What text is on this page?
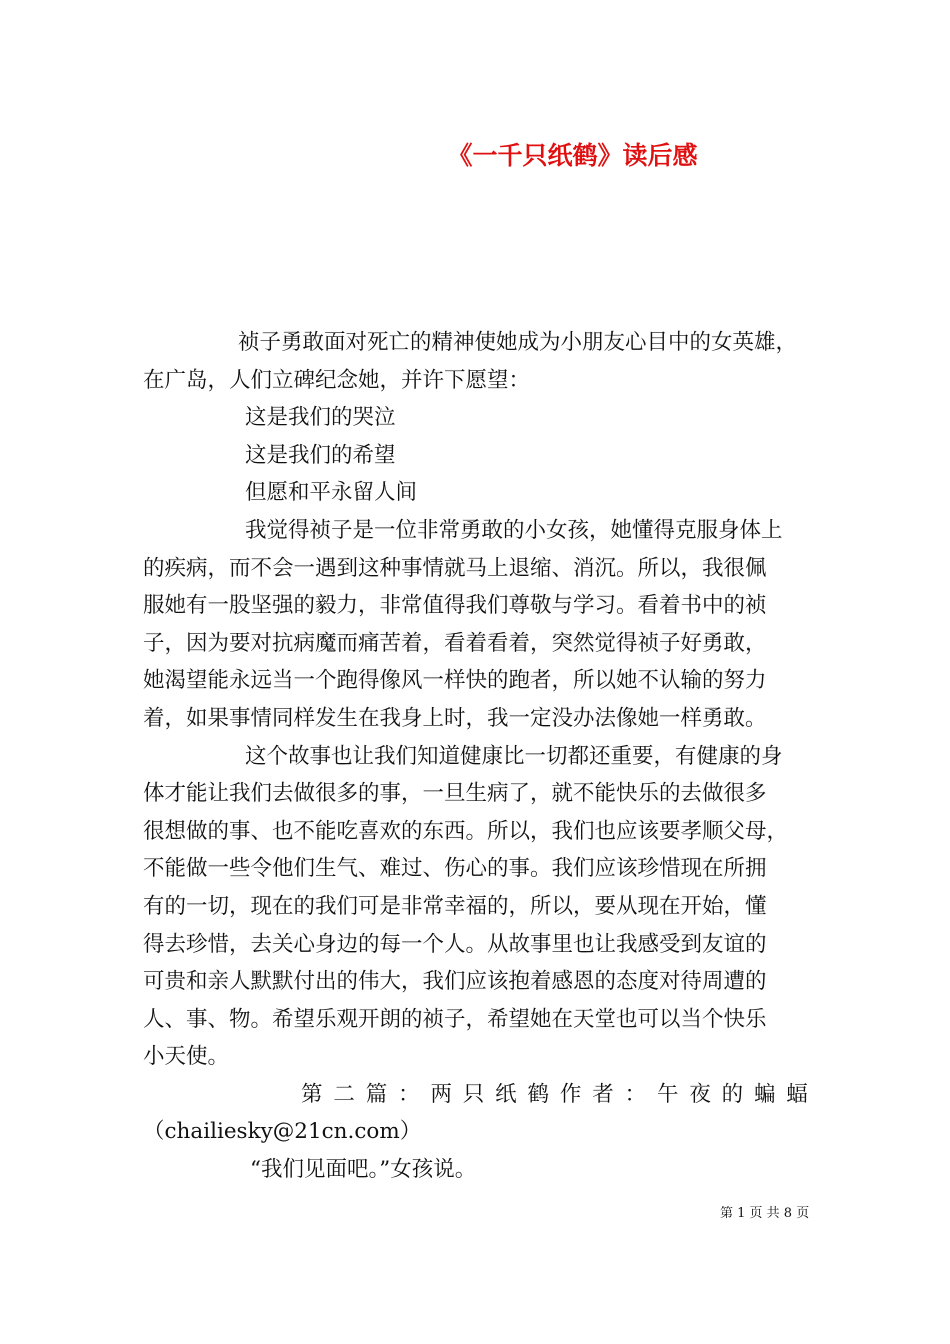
《一千只纸鹤》读后感
祯子勇敢面对死亡的精神使她成为小朋友心目中的女英雄，
在广岛，人们立碑纪念她，并许下愿望：
这是我们的哭泣
这是我们的希望
但愿和平永留人间
我觉得祯子是一位非常勇敢的小女孩，她懂得克服身体上
的疾病，而不会一遇到这种事情就马上退缩、消沉。所以，我很佩
服她有一股坚强的毅力，非常值得我们尊敬与学习。看着书中的祯
子，因为要对抗病魔而痛苦着，看着看着，突然觉得祯子好勇敢，
她渴望能永远当一个跑得像风一样快的跑者，所以她不认输的努力
着，如果事情同样发生在我身上时，我一定没办法像她一样勇敢。
这个故事也让我们知道健康比一切都还重要，有健康的身
体才能让我们去做很多的事，一旦生病了，就不能快乐的去做很多
很想做的事、也不能吃喜欢的东西。所以，我们也应该要孝顺父母，
不能做一些令他们生气、难过、伤心的事。我们应该珍惜现在所拥
有的一切，现在的我们可是非常幸福的，所以，要从现在开始，懂
得去珍惜，去关心身边的每一个人。从故事里也让我感受到友谊的
可贵和亲人默默付出的伟大，我们应该抱着感恩的态度对待周遭的
人、事、物。希望乐观开朗的祯子，希望她在天堂也可以当个快乐
小天使。
第 二 篇 ： 两 只 纸 鹤 作 者 ： 午 夜 的 蝙 蝠
（chailiesky@21cn.com）
“我们见面吧。”女孩说。
第 1 页 共 8 页
